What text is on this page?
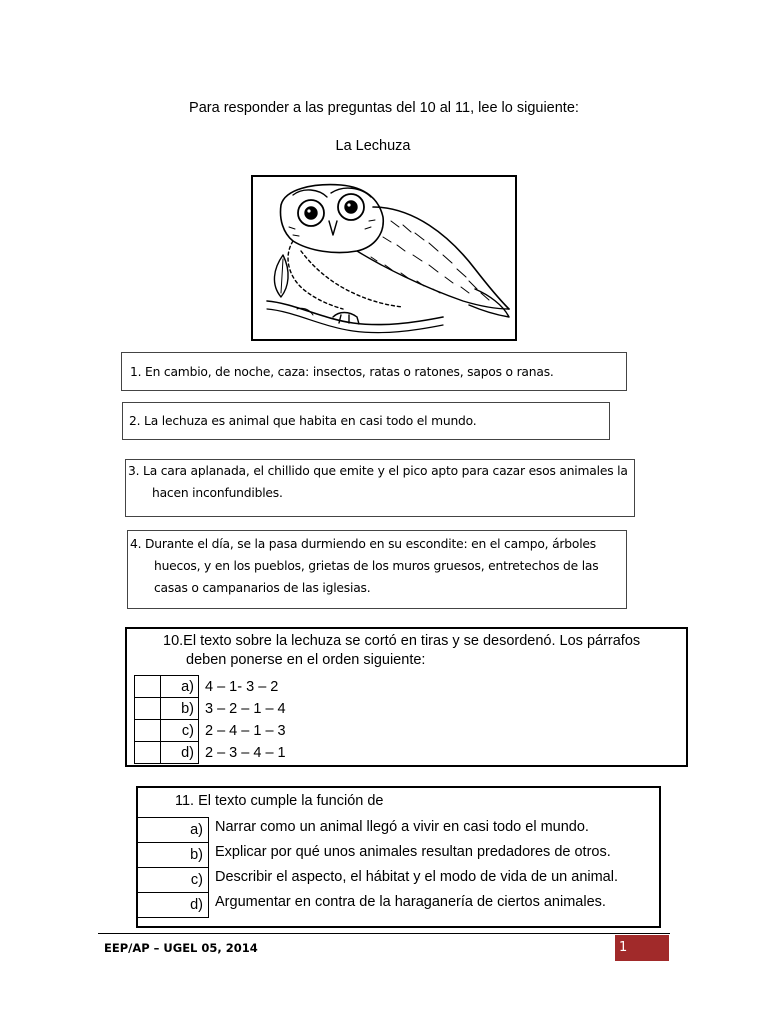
Para responder a las preguntas del 10 al 11, lee lo siguiente:
La Lechuza
1. En cambio, de noche, caza: insectos, ratas o ratones, sapos o ranas.
2. La lechuza es animal que habita en casi todo el mundo.
3. La cara aplanada, el chillido que emite y el pico apto para cazar esos animales la
hacen inconfundibles.
4. Durante el día, se la pasa durmiendo en su escondite: en el campo, árboles
huecos, y en los pueblos, grietas de los muros gruesos, entretechos de las
casas o campanarios de las iglesias.
10.El texto sobre la lechuza se cortó en tiras y se desordenó. Los párrafos
deben ponerse en el orden siguiente:
	a)	4 – 1- 3 – 2
	b)	3 – 2 – 1 – 4
	c)	2 – 4 – 1 – 3
	d)	2 – 3 – 4 – 1
11. El texto cumple la función de
a)	Narrar como un animal llegó a vivir en casi todo el mundo.
b)	Explicar por qué unos animales resultan predadores de otros.
c)	Describir el aspecto, el hábitat y el modo de vida de un animal.
d)	Argumentar en contra de la haraganería de ciertos animales.
EEP/AP – UGEL 05, 2014	1
